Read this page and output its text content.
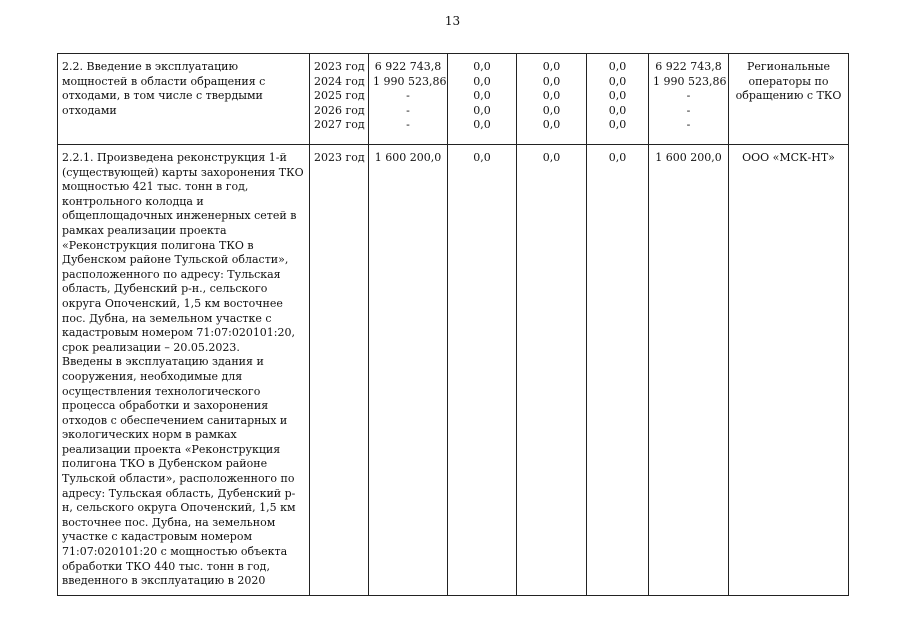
13
2.2. Введение в эксплуатацию мощностей в области обращения с отходами, в том числе с твердыми отходами	2023 год
2024 год
2025 год
2026 год
2027 год	6 922 743,8
1 990 523,86
-
-
-	0,0
0,0
0,0
0,0
0,0	0,0
0,0
0,0
0,0
0,0	0,0
0,0
0,0
0,0
0,0	6 922 743,8
1 990 523,86
-
-
-	Региональные операторы по обращению с ТКО

2.2.1. Произведена реконструкция 1-й (существующей) карты захоронения ТКО мощностью 421 тыс. тонн в год, контрольного колодца и общеплощадочных инженерных сетей в рамках реализации проекта «Реконструкция полигона ТКО в Дубенском районе Тульской области», расположенного по адресу: Тульская область, Дубенский р-н., сельского округа Опоченский, 1,5 км восточнее пос. Дубна, на земельном участке с кадастровым номером 71:07:020101:20, срок реализации – 20.05.2023.
Введены в эксплуатацию здания и сооружения, необходимые для осуществления технологического процесса обработки и захоронения отходов с обеспечением санитарных и экологических норм в рамках реализации проекта «Реконструкция полигона ТКО в Дубенском районе Тульской области», расположенного по адресу: Тульская область, Дубенский р-н, сельского округа Опоченский, 1,5 км восточнее пос. Дубна, на земельном участке с кадастровым номером 71:07:020101:20 с мощностью объекта обработки ТКО 440 тыс. тонн в год, введенного в эксплуатацию в 2020	2023 год	1 600 200,0	0,0	0,0	0,0	1 600 200,0	ООО «МСК-НТ»
